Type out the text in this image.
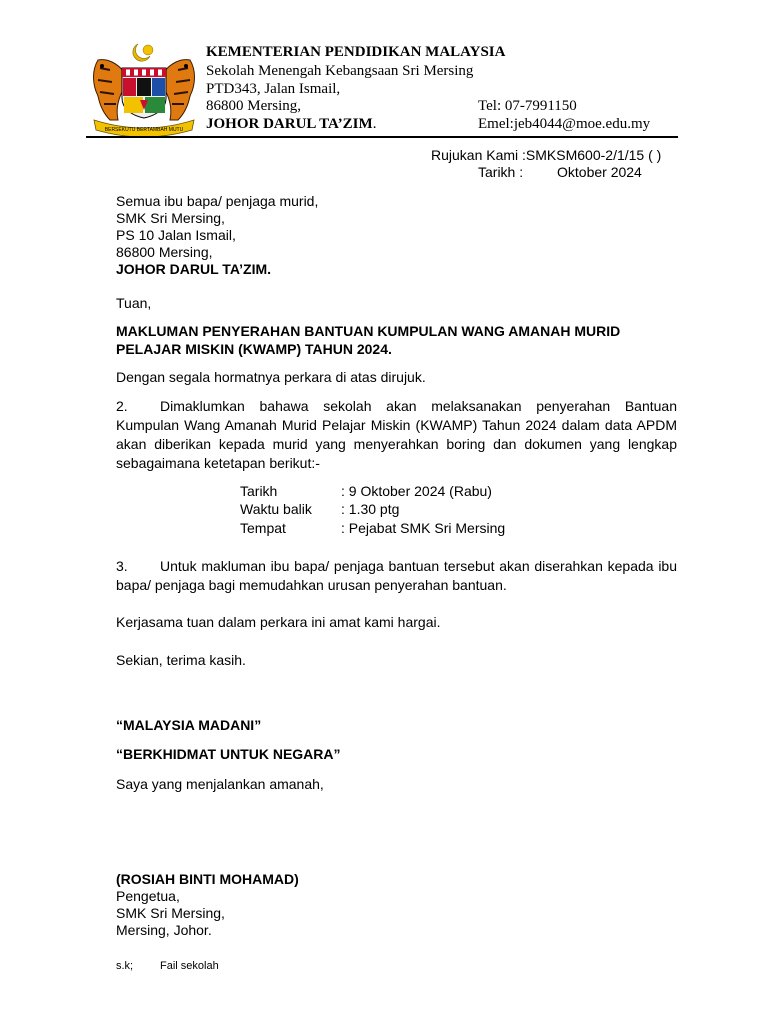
BERSEKUTU BERTAMBAH MUTU
KEMENTERIAN PENDIDIKAN MALAYSIA
Sekolah Menengah Kebangsaan Sri Mersing
PTD343, Jalan Ismail,
86800 Mersing,
JOHOR DARUL TA’ZIM.
Tel: 07-7991150
Emel:jeb4044@moe.edu.my
Rujukan Kami :SMKSM600-2/1/15 ( )
Tarikh : Oktober 2024
Semua ibu bapa/ penjaga murid,
SMK Sri Mersing,
PS 10 Jalan Ismail,
86800 Mersing,
JOHOR DARUL TA’ZIM.
Tuan,
MAKLUMAN PENYERAHAN BANTUAN KUMPULAN WANG AMANAH MURID
PELAJAR MISKIN (KWAMP) TAHUN 2024.
Dengan segala hormatnya perkara di atas dirujuk.
2. Dimaklumkan bahawa sekolah akan melaksanakan penyerahan Bantuan Kumpulan Wang Amanah Murid Pelajar Miskin (KWAMP) Tahun 2024 dalam data APDM akan diberikan kepada murid yang menyerahkan boring dan dokumen yang lengkap sebagaimana ketetapan berikut:-
Tarikh	: 9 Oktober 2024 (Rabu)
Waktu balik : 1.30 ptg
Tempat	: Pejabat SMK Sri Mersing
3. Untuk makluman ibu bapa/ penjaga bantuan tersebut akan diserahkan kepada ibu bapa/ penjaga bagi memudahkan urusan penyerahan bantuan.
Kerjasama tuan dalam perkara ini amat kami hargai.
Sekian, terima kasih.
“MALAYSIA MADANI”
“BERKHIDMAT UNTUK NEGARA”
Saya yang menjalankan amanah,
(ROSIAH BINTI MOHAMAD)
Pengetua,
SMK Sri Mersing,
Mersing, Johor.
s.k; Fail sekolah
